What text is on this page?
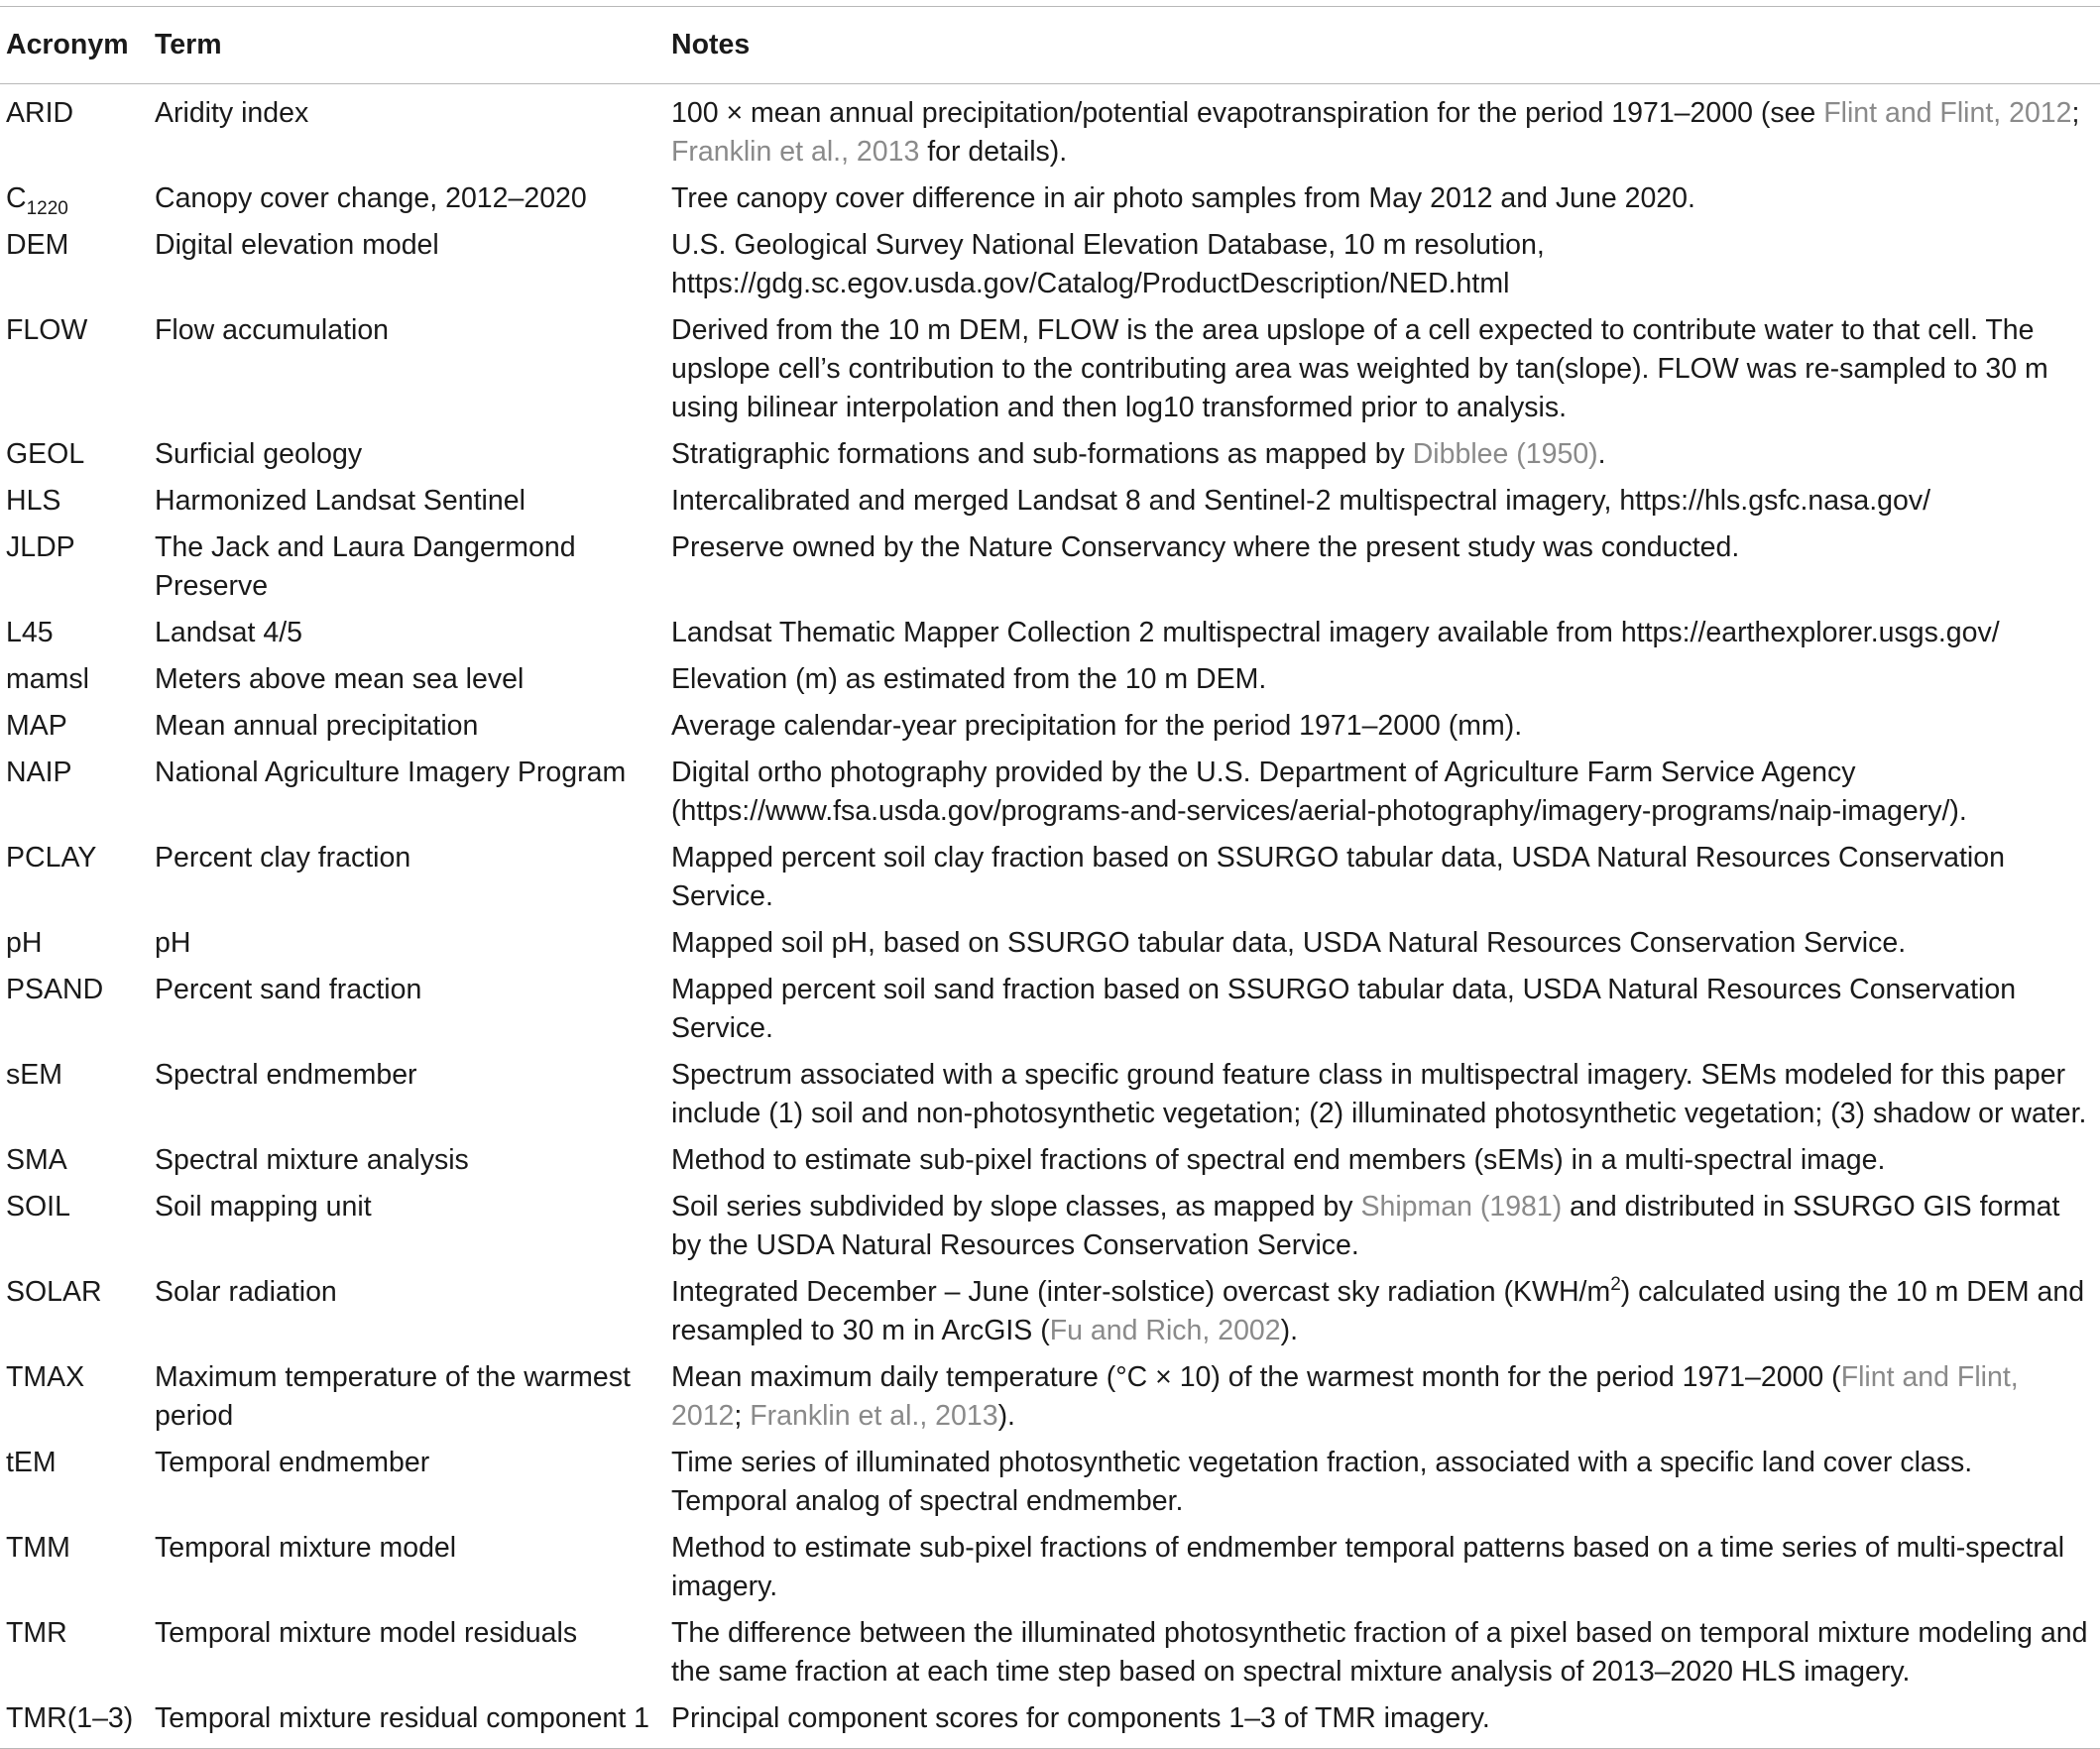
Acronym	Term	Notes
ARID	Aridity index	100 × mean annual precipitation/potential evapotranspiration for the period 1971–2000 (see Flint and Flint, 2012; Franklin et al., 2013 for details).
$C_{1220}$	Canopy cover change, 2012–2020	Tree canopy cover difference in air photo samples from May 2012 and June 2020.
DEM	Digital elevation model	U.S. Geological Survey National Elevation Database, 10 m resolution, https://gdg.sc.egov.usda.gov/Catalog/ProductDescription/NED.html
FLOW	Flow accumulation	Derived from the 10 m DEM, FLOW is the area upslope of a cell expected to contribute water to that cell. The upslope cell’s contribution to the contributing area was weighted by tan(slope). FLOW was re-sampled to 30 m using bilinear interpolation and then log10 transformed prior to analysis.
GEOL	Surficial geology	Stratigraphic formations and sub-formations as mapped by Dibblee (1950).
HLS	Harmonized Landsat Sentinel	Intercalibrated and merged Landsat 8 and Sentinel-2 multispectral imagery, https://hls.gsfc.nasa.gov/
JLDP	The Jack and Laura Dangermond Preserve	Preserve owned by the Nature Conservancy where the present study was conducted.
L45	Landsat 4/5	Landsat Thematic Mapper Collection 2 multispectral imagery available from https://earthexplorer.usgs.gov/
mamsl	Meters above mean sea level	Elevation (m) as estimated from the 10 m DEM.
MAP	Mean annual precipitation	Average calendar-year precipitation for the period 1971–2000 (mm).
NAIP	National Agriculture Imagery Program	Digital ortho photography provided by the U.S. Department of Agriculture Farm Service Agency (https://www.fsa.usda.gov/programs-and-services/aerial-photography/imagery-programs/naip-imagery/).
PCLAY	Percent clay fraction	Mapped percent soil clay fraction based on SSURGO tabular data, USDA Natural Resources Conservation Service.
pH	pH	Mapped soil pH, based on SSURGO tabular data, USDA Natural Resources Conservation Service.
PSAND	Percent sand fraction	Mapped percent soil sand fraction based on SSURGO tabular data, USDA Natural Resources Conservation Service.
sEM	Spectral endmember	Spectrum associated with a specific ground feature class in multispectral imagery. SEMs modeled for this paper include (1) soil and non-photosynthetic vegetation; (2) illuminated photosynthetic vegetation; (3) shadow or water.
SMA	Spectral mixture analysis	Method to estimate sub-pixel fractions of spectral end members (sEMs) in a multi-spectral image.
SOIL	Soil mapping unit	Soil series subdivided by slope classes, as mapped by Shipman (1981) and distributed in SSURGO GIS format by the USDA Natural Resources Conservation Service.
SOLAR	Solar radiation	Integrated December – June (inter-solstice) overcast sky radiation $(KWH/m^2)$ calculated using the 10 m DEM and resampled to 30 m in ArcGIS (Fu and Rich, 2002).
TMAX	Maximum temperature of the warmest period	Mean maximum daily temperature (°C × 10) of the warmest month for the period 1971–2000 (Flint and Flint, 2012; Franklin et al., 2013).
tEM	Temporal endmember	Time series of illuminated photosynthetic vegetation fraction, associated with a specific land cover class. Temporal analog of spectral endmember.
TMM	Temporal mixture model	Method to estimate sub-pixel fractions of endmember temporal patterns based on a time series of multi-spectral imagery.
TMR	Temporal mixture model residuals	The difference between the illuminated photosynthetic fraction of a pixel based on temporal mixture modeling and the same fraction at each time step based on spectral mixture analysis of 2013–2020 HLS imagery.
TMR(1–3)	Temporal mixture residual component 1	Principal component scores for components 1–3 of TMR imagery.
